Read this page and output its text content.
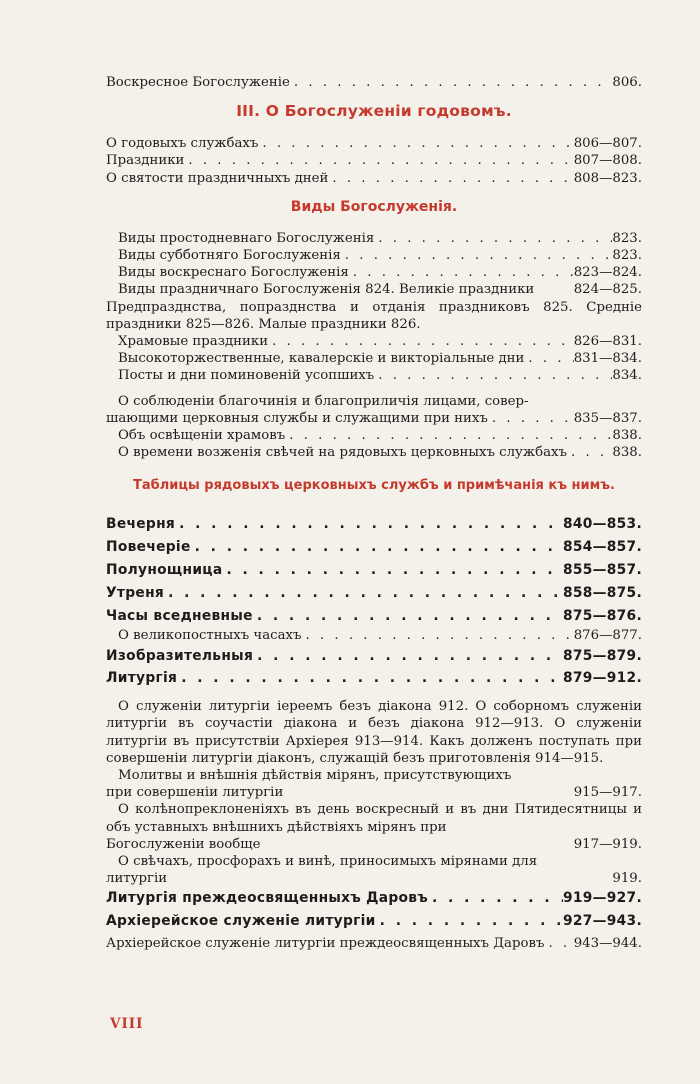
Воскресное Богослуженіе . . .	806.
III. О Богослуженіи годовомъ.
О годовыхъ службахъ . . .	806—807.
Праздники . . .	807—808.
О святости праздничныхъ дней . . .	808—823.
Виды Богослуженія.
Виды простодневнаго Богослуженія . . .	823.
Виды субботняго Богослуженія . . .	823.
Виды воскреснаго Богослуженія . . .	823—824.
Виды праздничнаго Богослуженія 824. Великіе праздники	824—825.
Предпразднства, попразднства и отданія праздниковъ 825. Средніе праздники 825—826. Малые праздники 826.
Храмовые праздники . . .	826—831.
Высокоторжественные, кавалерскіе и викторіальные дни . . .	831—834.
Посты и дни поминовеній усопшихъ . . .	834.
О соблюденіи благочинія и благоприличія лицами, совер-
шающими церковныя службы и служащими при нихъ . . .	835—837.
Объ освѣщеніи храмовъ . . .	838.
О времени возженія свѣчей на рядовыхъ церковныхъ службахъ . . .	838.
Таблицы рядовыхъ церковныхъ службъ и примѣчанія къ нимъ.
Вечерня . . .	840—853.
Повечеріе . . .	854—857.
Полунощница . . .	855—857.
Утреня . . .	858—875.
Часы вседневные . . .	875—876.
О великопостныхъ часахъ . . .	876—877.
Изобразительныя . . .	875—879.
Литургія . . .	879—912.
О служеніи литургіи іереемъ безъ діакона 912. О соборномъ служеніи литургіи въ соучастіи діакона и безъ діакона 912—913. О служеніи литургіи въ присутствіи Архіерея 913—914. Какъ долженъ поступать при совершеніи литургіи діаконъ, служащій безъ приготовленія 914—915.
Молитвы и внѣшнія дѣйствія мірянъ, присутствующихъ
при совершеніи литургіи	915—917.
О колѣнопреклоненіяхъ въ день воскресный и въ дни Пятидесятницы и объ уставныхъ внѣшнихъ дѣйствіяхъ мірянъ при
Богослуженіи вообще	917—919.
О свѣчахъ, просфорахъ и винѣ, приносимыхъ мірянами для
литургіи	919.
Литургія преждеосвященныхъ Даровъ . . .	919—927.
Архіерейское служеніе литургіи . . .	927—943.
Архіерейское служеніе литургіи преждеосвященныхъ Даровъ . . . 943—944.
VIII
